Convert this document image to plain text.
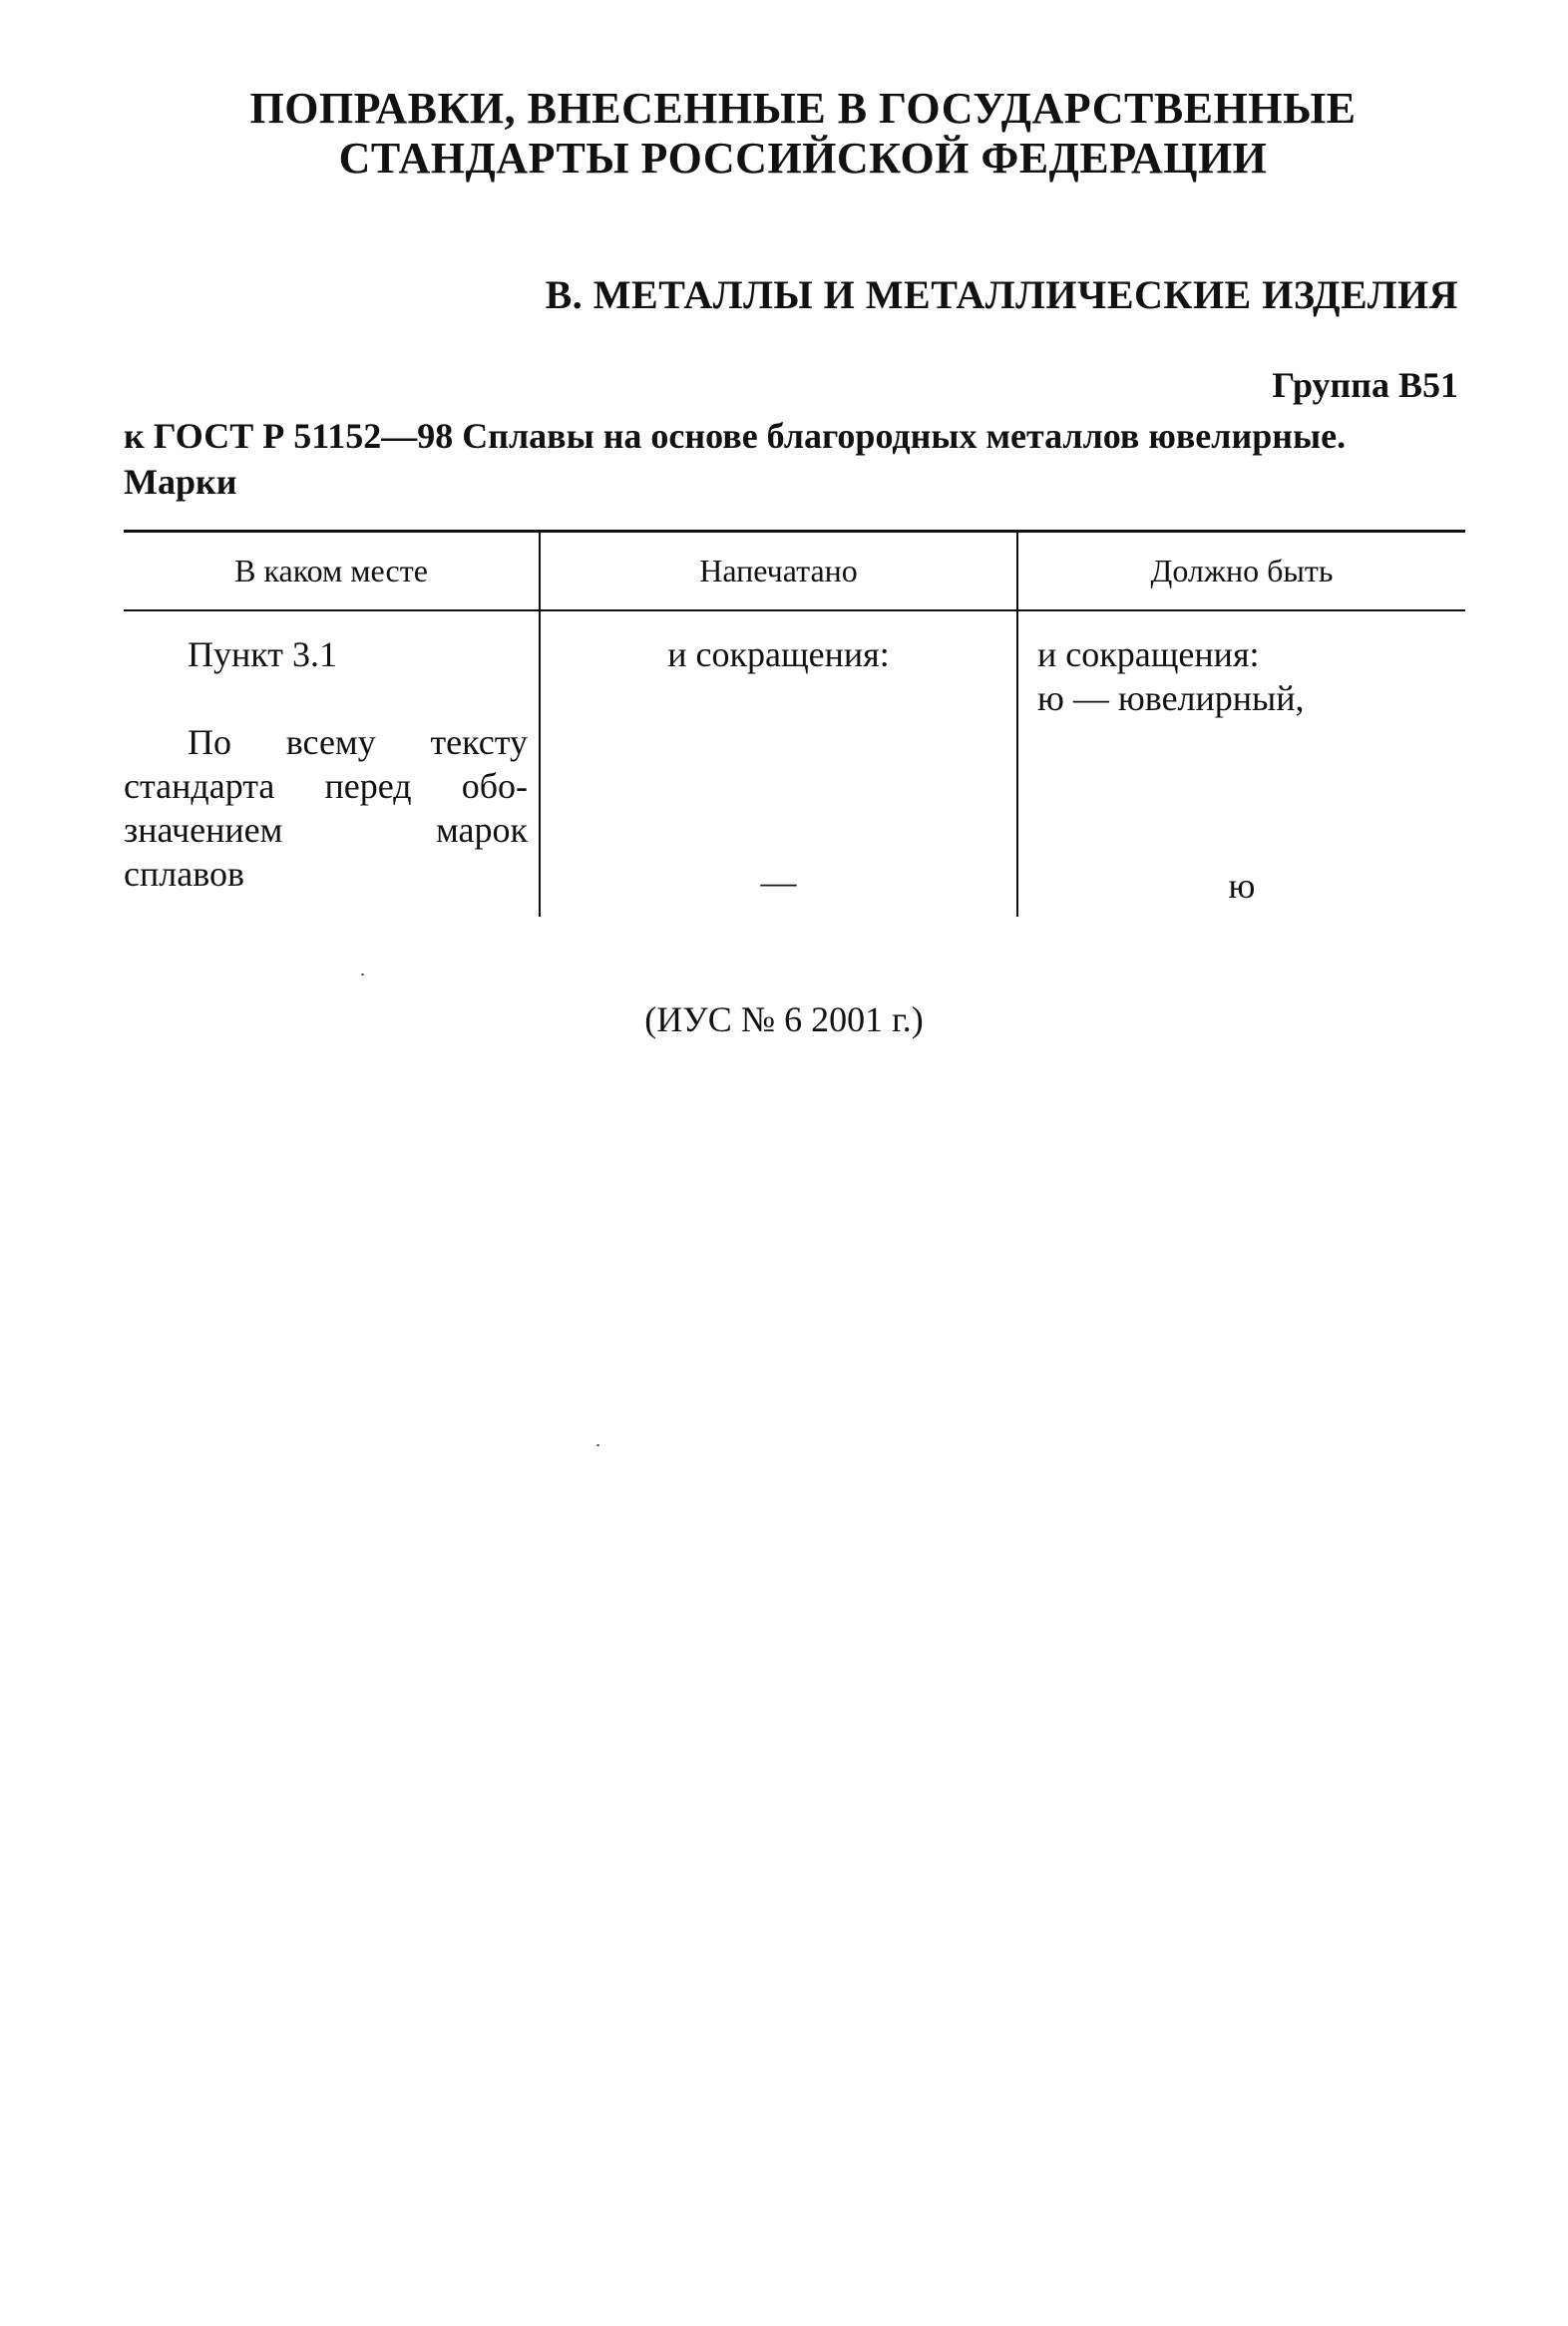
ПОПРАВКИ, ВНЕСЕННЫЕ В ГОСУДАРСТВЕННЫЕ
СТАНДАРТЫ РОССИЙСКОЙ ФЕДЕРАЦИИ
В. МЕТАЛЛЫ И МЕТАЛЛИЧЕСКИЕ ИЗДЕЛИЯ
Группа В51
к ГОСТ Р 51152—98 Сплавы на основе благородных металлов ювелирные.
Марки
В каком месте	Напечатано	Должно быть
Пункт 3.1	и сокращения:	и сокращения:
ю — ювелирный,
По всему тексту
стандарта перед обо-
значением марок
сплавов	—	ю
(ИУС № 6 2001 г.)
